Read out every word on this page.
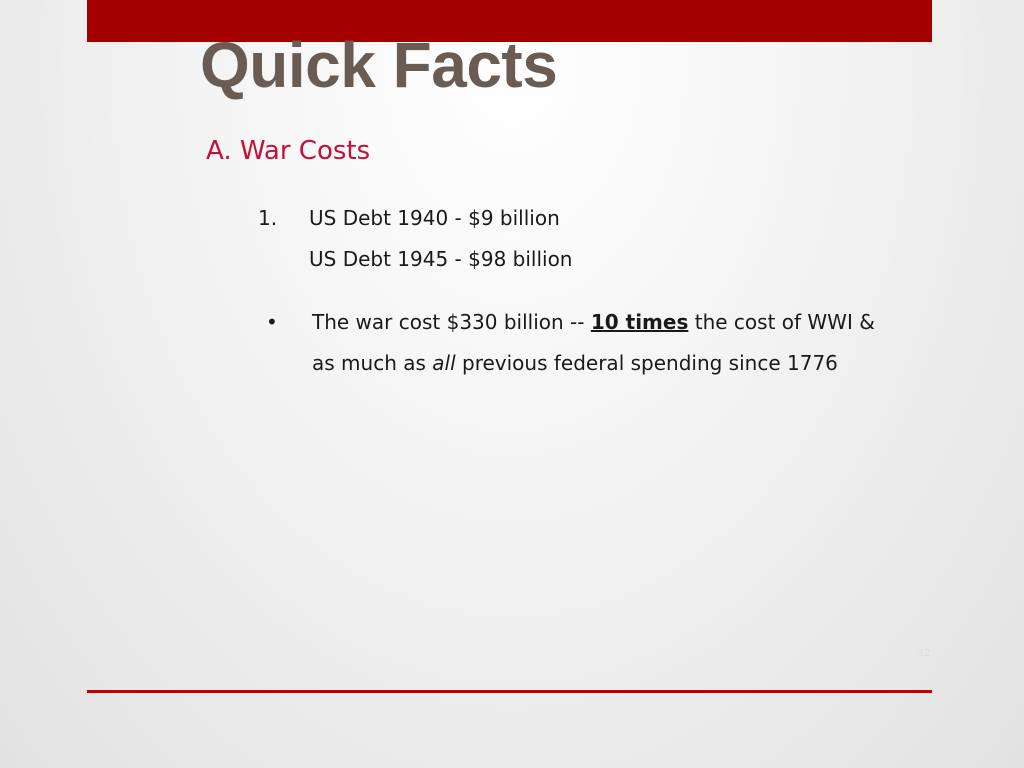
Quick Facts
A. War Costs
1. US Debt 1940 - $9 billion
US Debt 1945 - $98 billion
• The war cost $330 billion -- 10 times the cost of WWI &
as much as all previous federal spending since 1776
12
